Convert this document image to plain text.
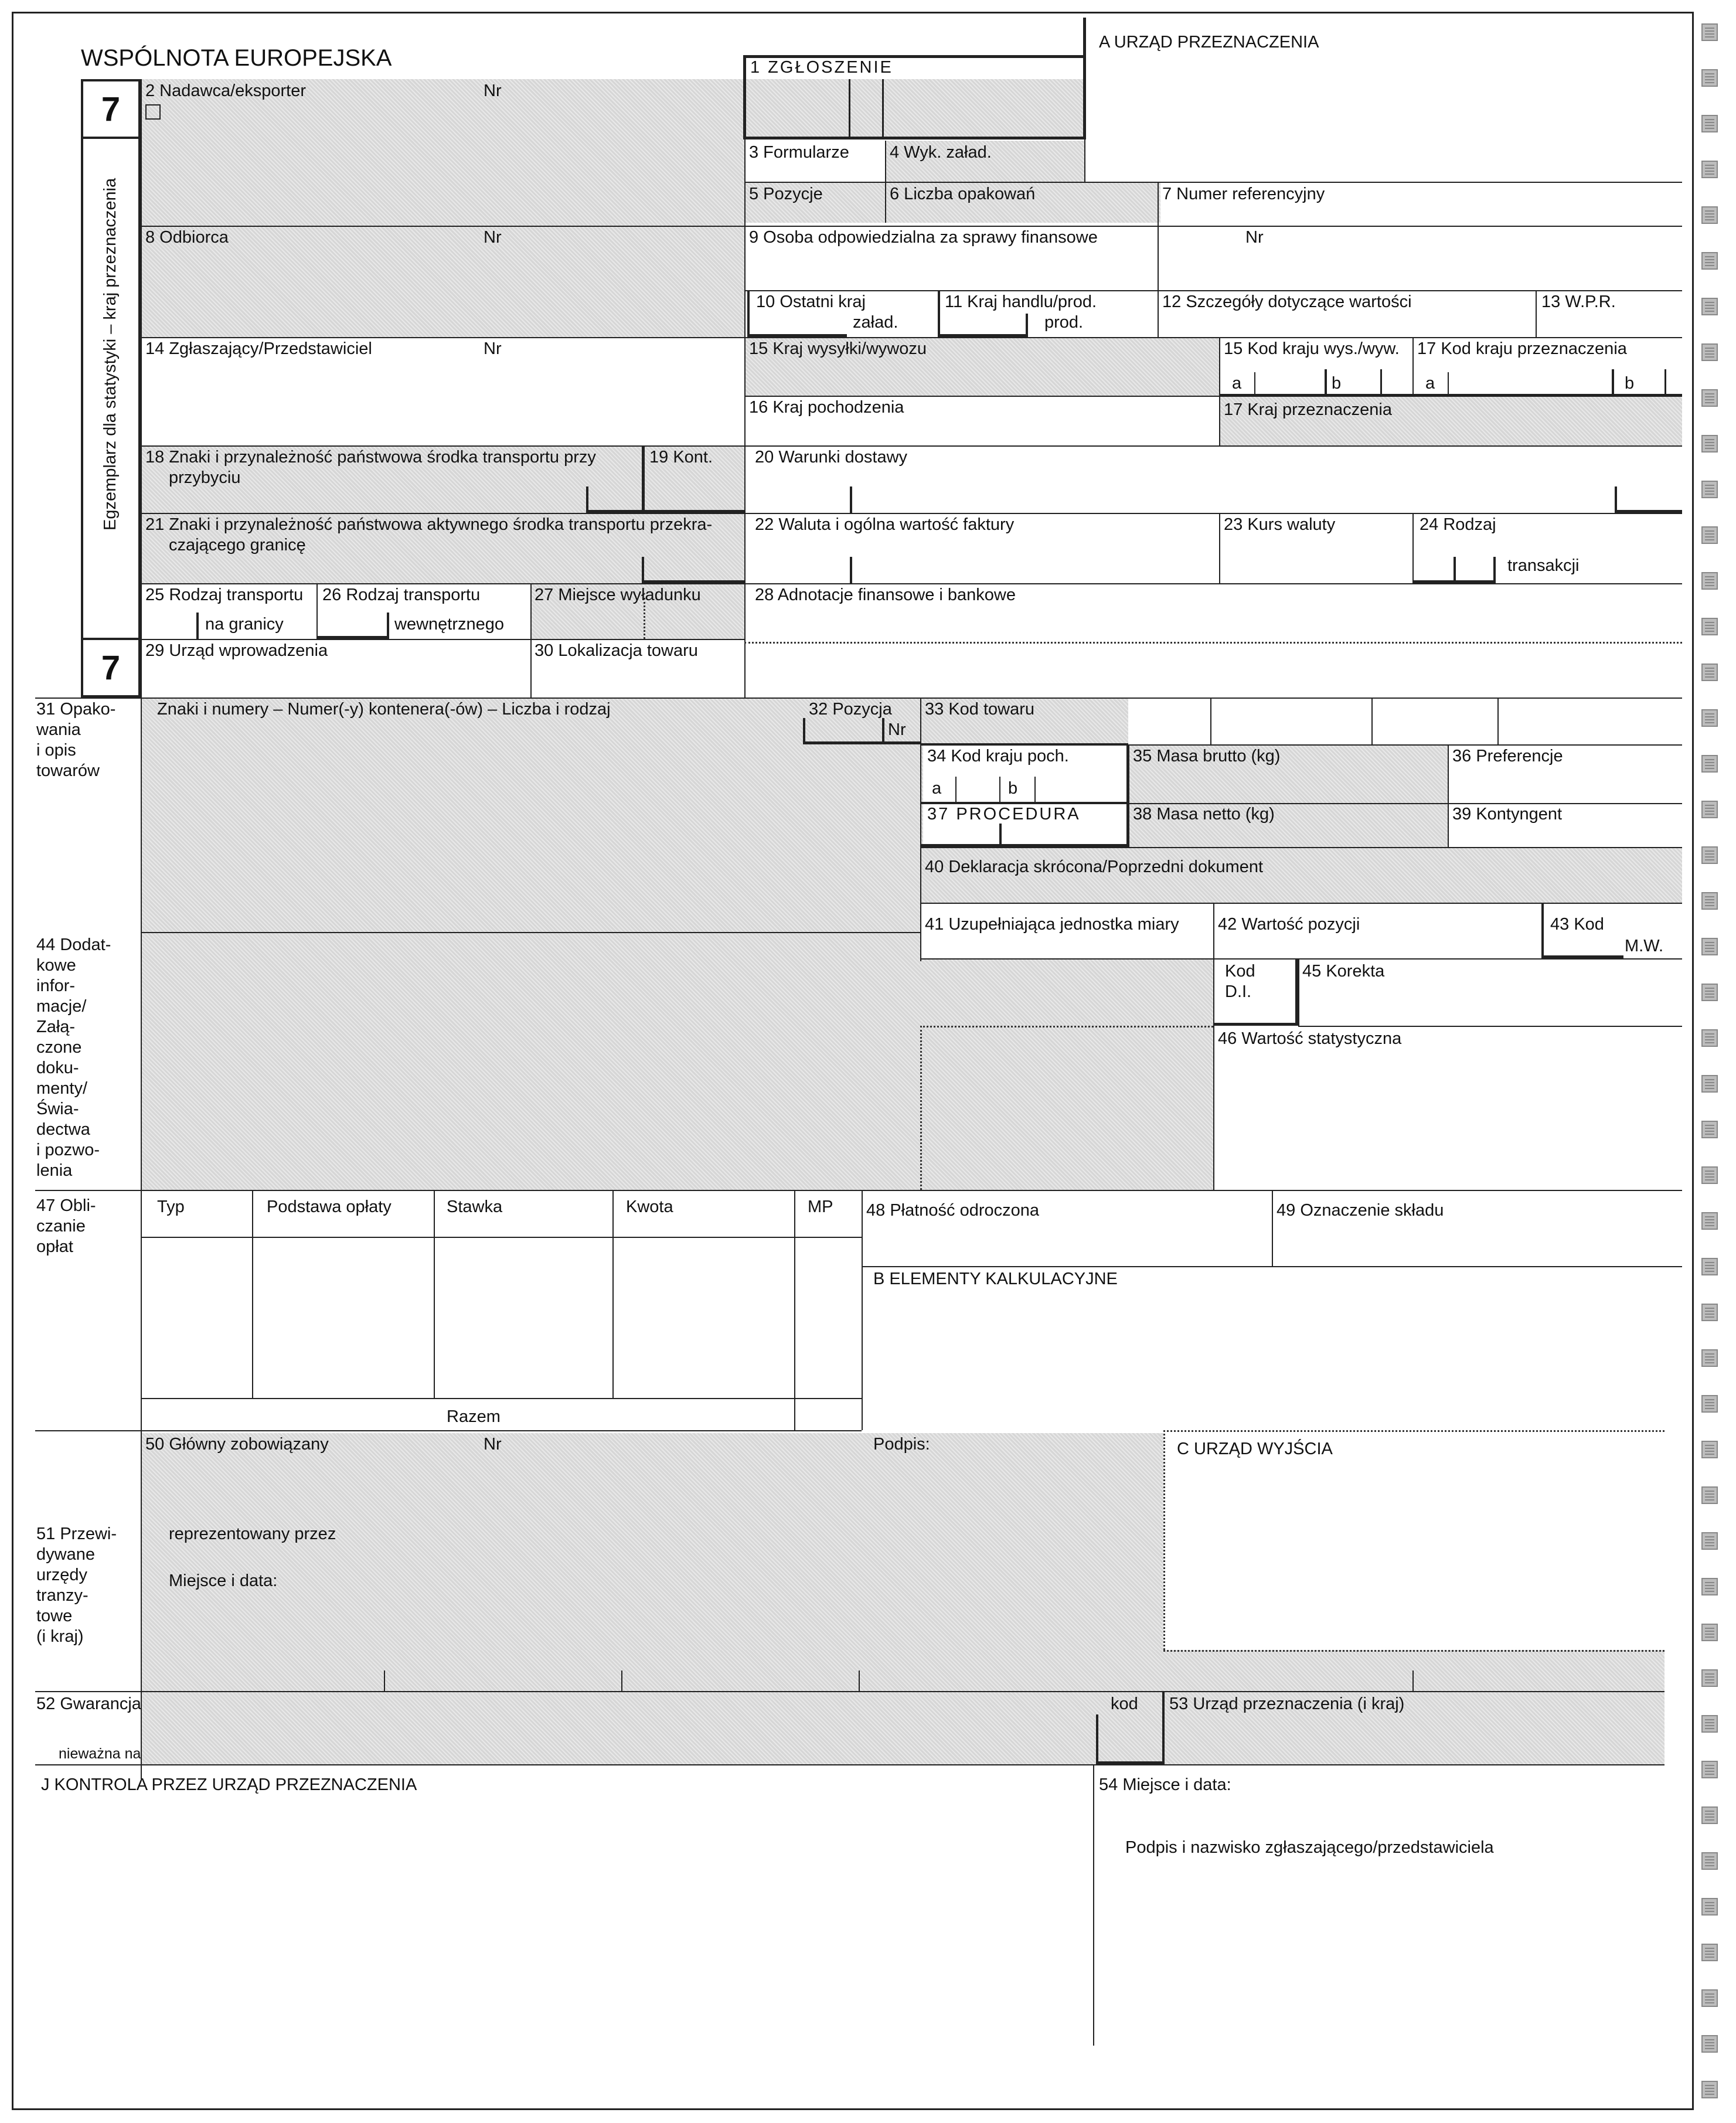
7
Egzemplarz dla statystyki – kraj przeznaczenia
7
WSPÓLNOTA EUROPEJSKA
A URZĄD PRZEZNACZENIA
1 ZGŁOSZENIE
2 Nadawca/eksporter	Nr
3 Formularze 4 Wyk. załad.
5 Pozycje	6 Liczba opakowań	7 Numer referencyjny
8 Odbiorca	Nr	9 Osoba odpowiedzialna za sprawy finansowe	Nr
10 Ostatni kraj
załad.
11 Kraj handlu/prod.
prod.
12 Szczegóły dotyczące wartości	13 W.P.R.
14 Zgłaszający/Przedstawiciel	Nr	15 Kraj wysyłki/wywozu	15 Kod kraju wys./wyw. 17 Kod kraju przeznaczenia
a	b	a	b
16 Kraj pochodzenia	17 Kraj przeznaczenia
18 Znaki i przynależność państwowa środka transportu przy
przybyciu
19 Kont. 20 Warunki dostawy
21 Znaki i przynależność państwowa aktywnego środka transportu przekra-
czającego granicę
22 Waluta i ogólna wartość faktury	23 Kurs waluty	24 Rodzaj
transakcji
25 Rodzaj transportu
na granicy
26 Rodzaj transportu
wewnętrznego
27 Miejsce wyładunku	28 Adnotacje finansowe i bankowe
29 Urząd wprowadzenia	30 Lokalizacja towaru
31 Opako-
wania
i opis
towarów
Znaki i numery – Numer(-y) kontenera(-ów) – Liczba i rodzaj	32 Pozycja
Nr
33 Kod towaru
34 Kod kraju poch.
a	b
35 Masa brutto (kg)	36 Preferencje
37 PROCEDURA	38 Masa netto (kg)	39 Kontyngent
40 Deklaracja skrócona/Poprzedni dokument
41 Uzupełniająca jednostka miary 42 Wartość pozycji	43 Kod
M.W.
44 Dodat-
kowe
infor-
macje/
Załą-
czone
doku-
menty/
Świa-
dectwa
i pozwo-
lenia
Kod
D.I.
45 Korekta
46 Wartość statystyczna
47 Obli-
czanie
opłat
Typ	Podstawa opłaty	Stawka	Kwota	MP
Razem
48 Płatność odroczona	49 Oznaczenie składu
B ELEMENTY KALKULACYJNE
50 Główny zobowiązany	Nr	Podpis:
reprezentowany przez
Miejsce i data:
C URZĄD WYJŚCIA
51 Przewi-
dywane
urzędy
tranzy-
towe
(i kraj)
52 Gwarancja
nieważna na
kod 53 Urząd przeznaczenia (i kraj)
J KONTROLA PRZEZ URZĄD PRZEZNACZENIA	54 Miejsce i data:
Podpis i nazwisko zgłaszającego/przedstawiciela
